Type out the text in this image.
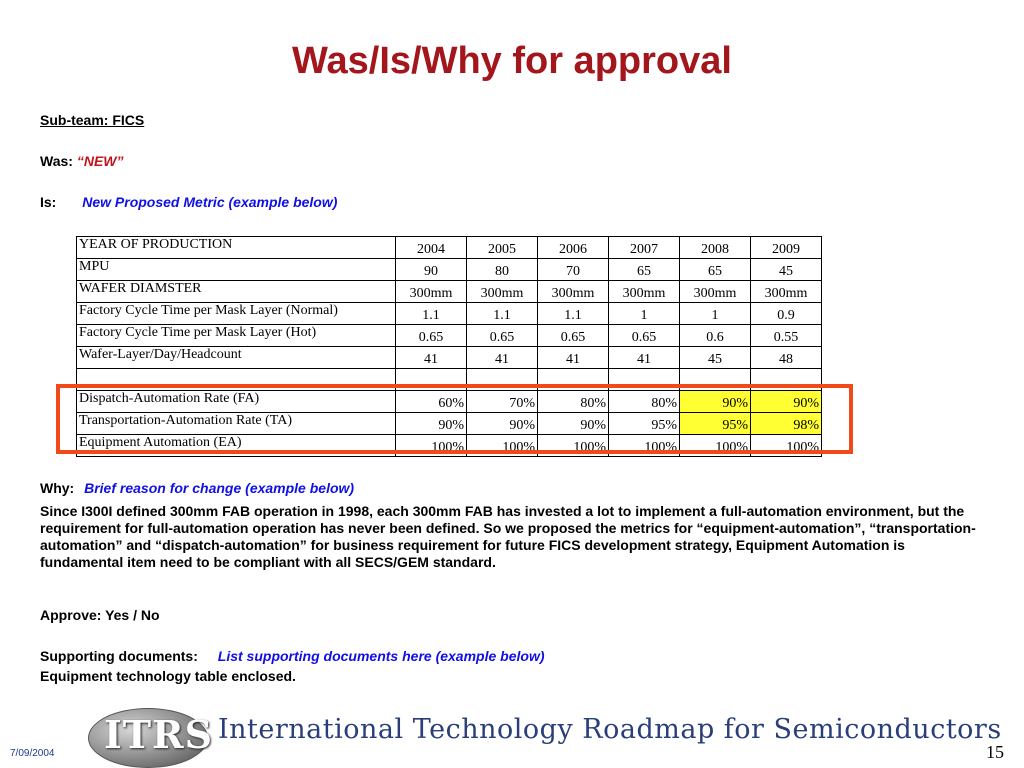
Was/Is/Why for approval
Sub-team: FICS
Was: “NEW”
Is: New Proposed Metric (example below)
YEAR OF PRODUCTION	2004	2005	2006	2007	2008	2009
MPU	90	80	70	65	65	45
WAFER DIAMSTER	300mm	300mm	300mm	300mm	300mm	300mm
Factory Cycle Time per Mask Layer (Normal)	1.1	1.1	1.1	1	1	0.9
Factory Cycle Time per Mask Layer (Hot)	0.65	0.65	0.65	0.65	0.6	0.55
Wafer-Layer/Day/Headcount	41	41	41	41	45	48

Dispatch-Automation Rate (FA)	60%	70%	80%	80%	90%	90%
Transportation-Automation Rate (TA)	90%	90%	90%	95%	95%	98%
Equipment Automation (EA)	100%	100%	100%	100%	100%	100%
Why: Brief reason for change (example below)
Since I300I defined 300mm FAB operation in 1998, each 300mm FAB has invested a lot to implement a full-automation environment, but the requirement for full-automation operation has never been defined. So we proposed the metrics for “equipment-automation”, “transportation-automation” and “dispatch-automation” for business requirement for future FICS development strategy, Equipment Automation is fundamental item need to be compliant with all SECS/GEM standard.
Approve: Yes / No
Supporting documents: List supporting documents here (example below)
Equipment technology table enclosed.
7/09/2004 ITRS International Technology Roadmap for Semiconductors
15
